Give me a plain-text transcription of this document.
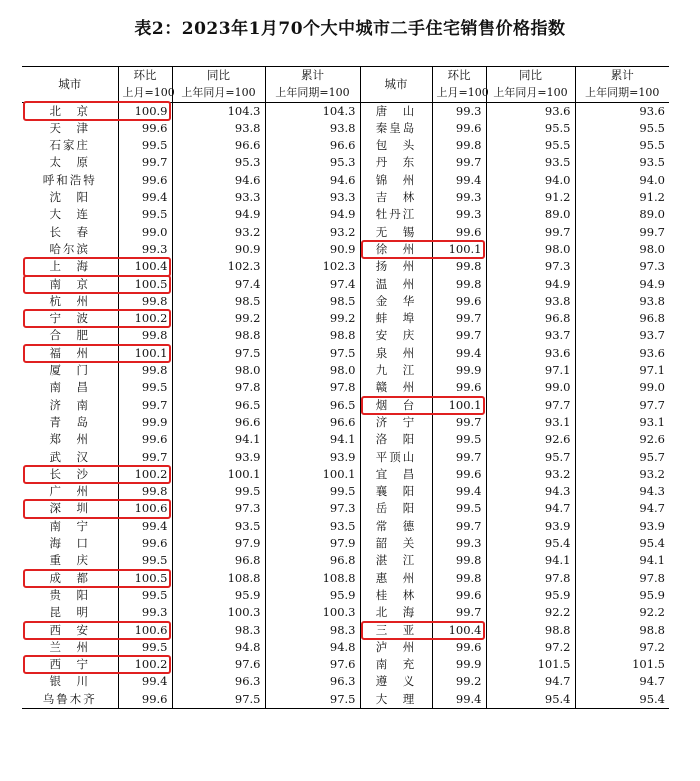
表2：2023年1月70个大中城市二手住宅销售价格指数
城市	环比	同比	累计	城市	环比	同比	累计
	上月=100	上年同月=100	上年同期=100		上月=100	上年同月=100	上年同期=100
北　京	100.9	104.3	104.3	唐　山	99.3	93.6	93.6
天　津	99.6	93.8	93.8	秦皇岛	99.6	95.5	95.5
石家庄	99.5	96.6	96.6	包　头	99.8	95.5	95.5
太　原	99.7	95.3	95.3	丹　东	99.7	93.5	93.5
呼和浩特	99.6	94.6	94.6	锦　州	99.4	94.0	94.0
沈　阳	99.4	93.3	93.3	吉　林	99.3	91.2	91.2
大　连	99.5	94.9	94.9	牡丹江	99.3	89.0	89.0
长　春	99.0	93.2	93.2	无　锡	99.6	99.7	99.7
哈尔滨	99.3	90.9	90.9	徐　州	100.1	98.0	98.0
上　海	100.4	102.3	102.3	扬　州	99.8	97.3	97.3
南　京	100.5	97.4	97.4	温　州	99.8	94.9	94.9
杭　州	99.8	98.5	98.5	金　华	99.6	93.8	93.8
宁　波	100.2	99.2	99.2	蚌　埠	99.7	96.8	96.8
合　肥	99.8	98.8	98.8	安　庆	99.7	93.7	93.7
福　州	100.1	97.5	97.5	泉　州	99.4	93.6	93.6
厦　门	99.8	98.0	98.0	九　江	99.9	97.1	97.1
南　昌	99.5	97.8	97.8	赣　州	99.6	99.0	99.0
济　南	99.7	96.5	96.5	烟　台	100.1	97.7	97.7
青　岛	99.9	96.6	96.6	济　宁	99.7	93.1	93.1
郑　州	99.6	94.1	94.1	洛　阳	99.5	92.6	92.6
武　汉	99.7	93.9	93.9	平顶山	99.7	95.7	95.7
长　沙	100.2	100.1	100.1	宜　昌	99.6	93.2	93.2
广　州	99.8	99.5	99.5	襄　阳	99.4	94.3	94.3
深　圳	100.6	97.3	97.3	岳　阳	99.5	94.7	94.7
南　宁	99.4	93.5	93.5	常　德	99.7	93.9	93.9
海　口	99.6	97.9	97.9	韶　关	99.3	95.4	95.4
重　庆	99.5	96.8	96.8	湛　江	99.8	94.1	94.1
成　都	100.5	108.8	108.8	惠　州	99.8	97.8	97.8
贵　阳	99.5	95.9	95.9	桂　林	99.6	95.9	95.9
昆　明	99.3	100.3	100.3	北　海	99.7	92.2	92.2
西　安	100.6	98.3	98.3	三　亚	100.4	98.8	98.8
兰　州	99.5	94.8	94.8	泸　州	99.6	97.2	97.2
西　宁	100.2	97.6	97.6	南　充	99.9	101.5	101.5
银　川	99.4	96.3	96.3	遵　义	99.2	94.7	94.7
乌鲁木齐	99.6	97.5	97.5	大　理	99.4	95.4	95.4
